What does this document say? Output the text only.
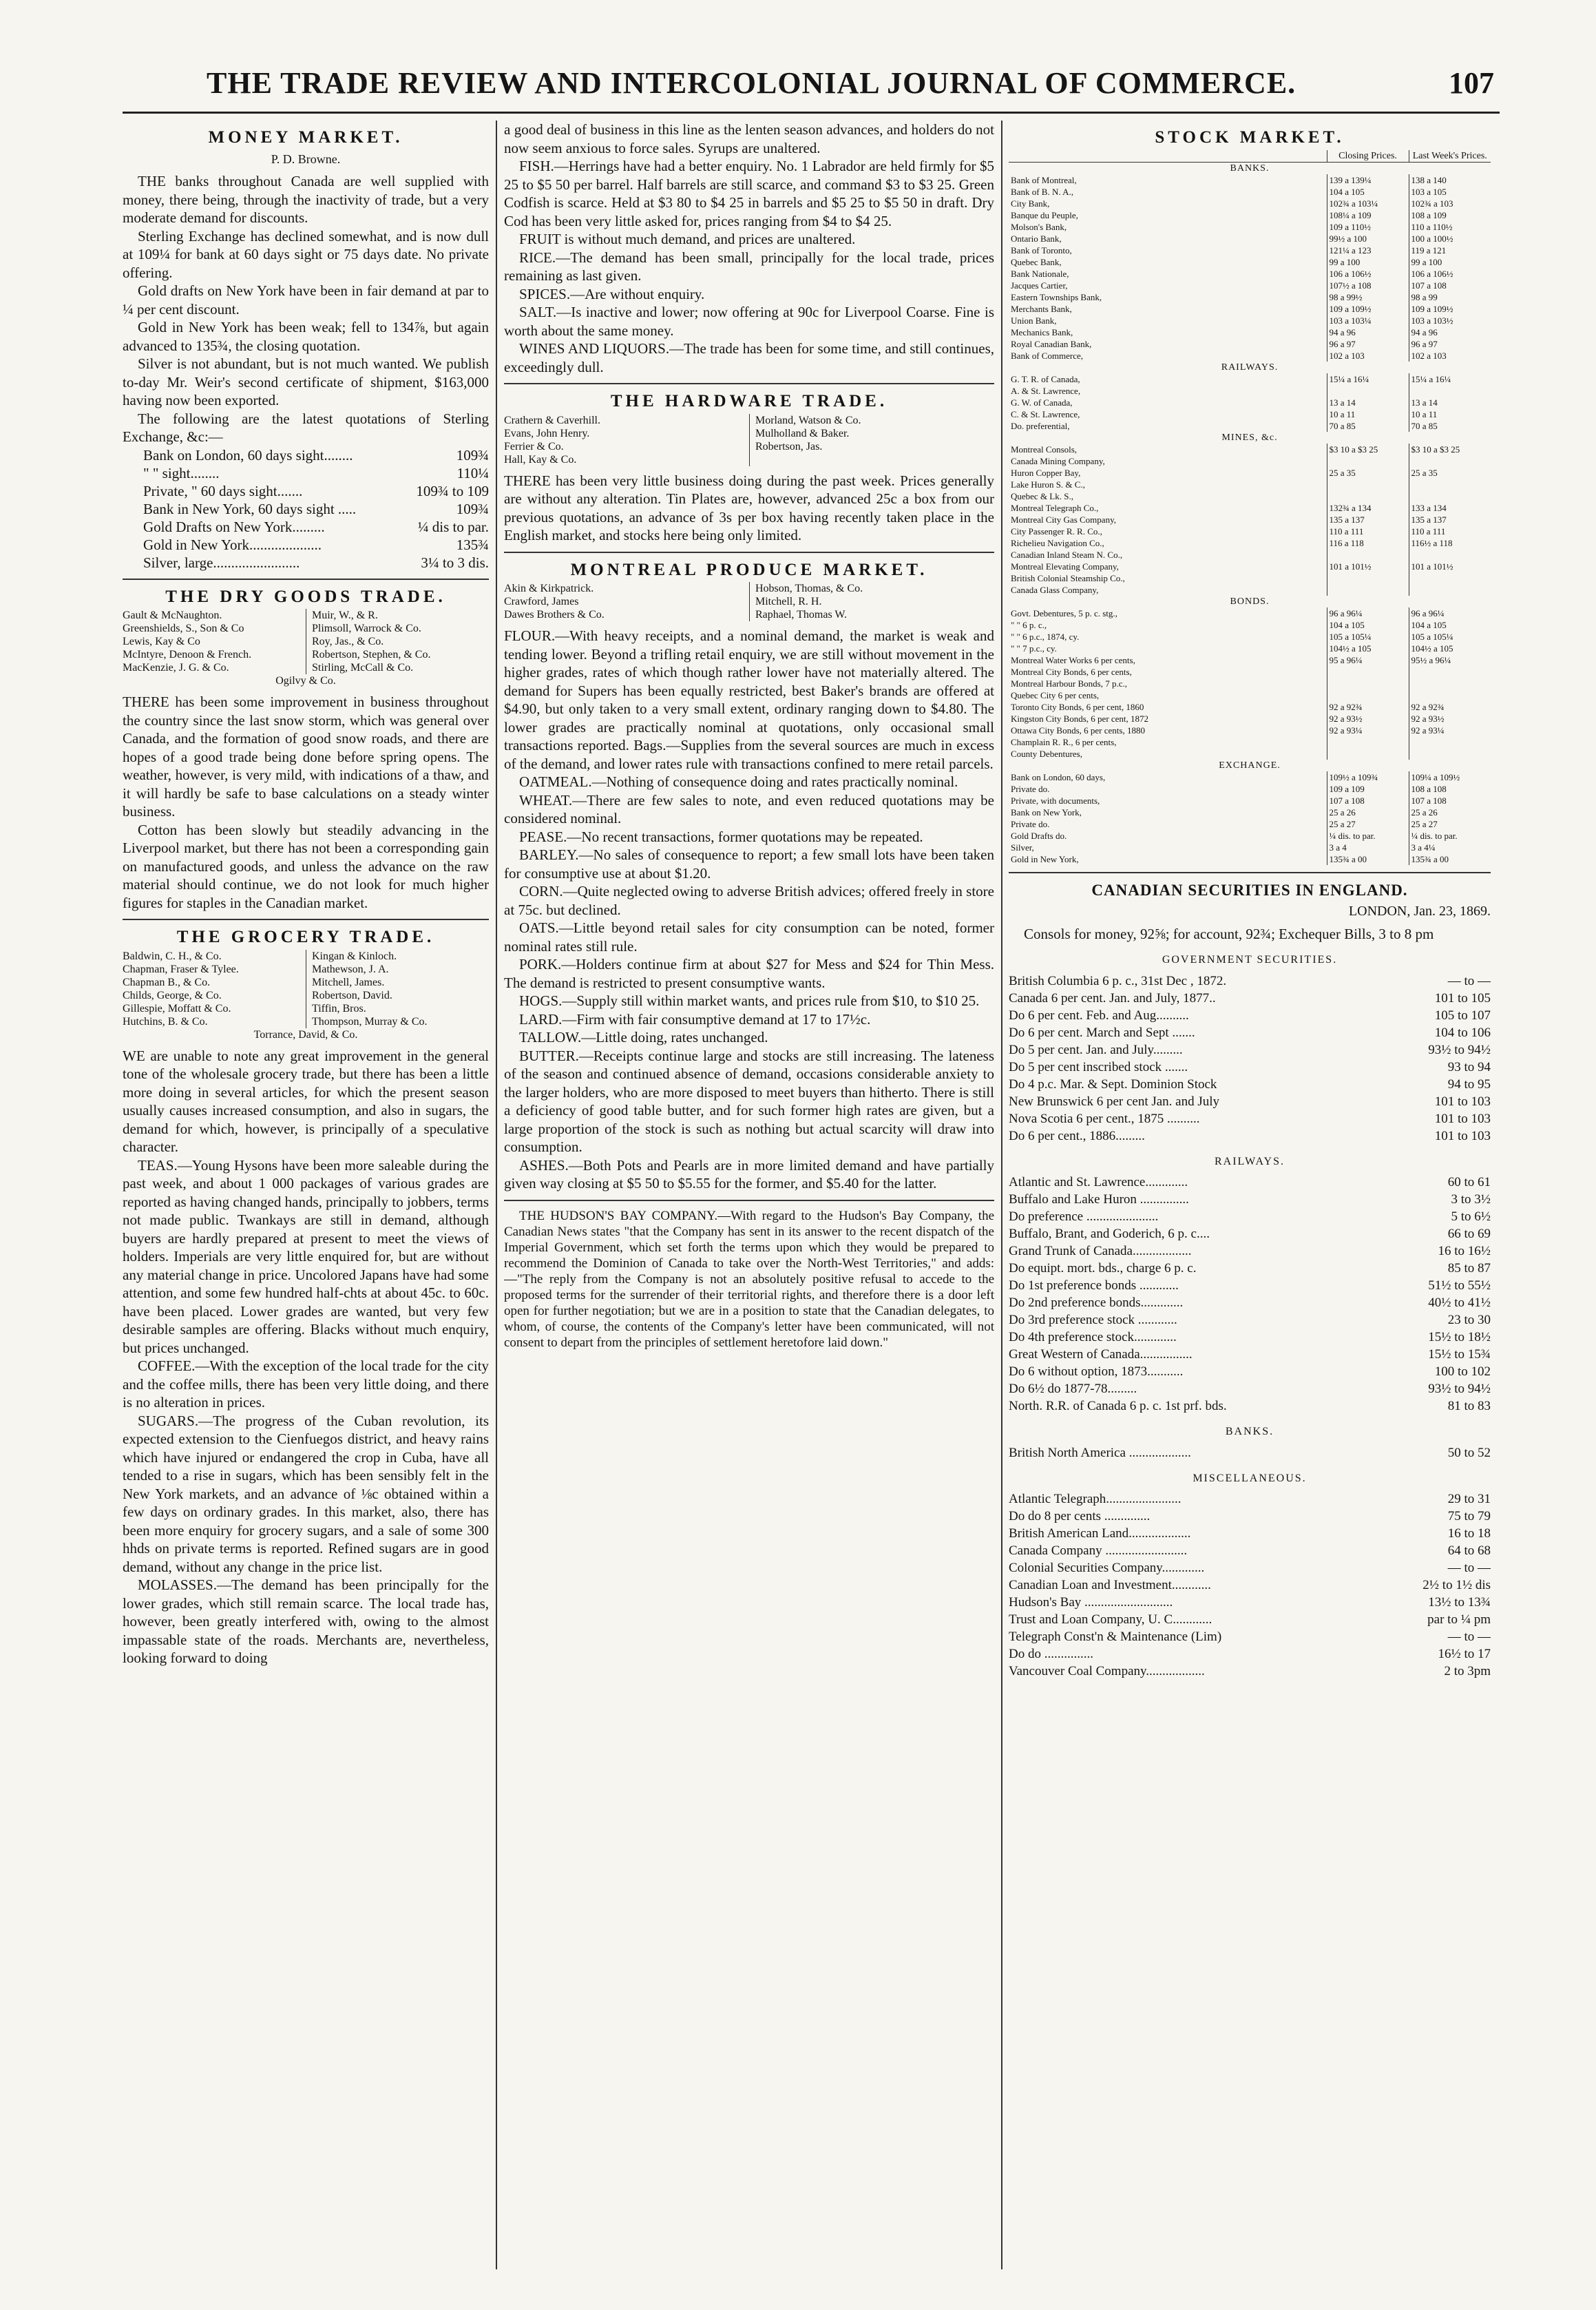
THE TRADE REVIEW AND INTERCOLONIAL JOURNAL OF COMMERCE.	107
MONEY MARKET.
P. D. Browne.

THE banks throughout Canada are well supplied with money, there being, through the inactivity of trade, but a very moderate demand for discounts.

Sterling Exchange has declined somewhat, and is now dull at 109¼ for bank at 60 days sight or 75 days date. No private offering.

Gold drafts on New York have been in fair demand at par to ¼ per cent discount.

Gold in New York has been weak; fell to 134⅞, but again advanced to 135¾, the closing quotation.

Silver is not abundant, but is not much wanted. We publish to-day Mr. Weir's second certificate of shipment, $163,000 having now been exported.

The following are the latest quotations of Sterling Exchange, &c:—

Bank on London, 60 days sight........	109¾
" " sight........	110¼
Private, " 60 days sight.......	109¾ to 109
Bank in New York, 60 days sight .....	109¾
Gold Drafts on New York.........	¼ dis to par.
Gold in New York....................	135¾
Silver, large........................	3¼ to 3 dis.
THE DRY GOODS TRADE.
Gault & McNaughton.	Muir, W., & R.
Greenshields, S., Son & Co	Plimsoll, Warrock & Co.
Lewis, Kay & Co	Roy, Jas., & Co.
McIntyre, Denoon & French.	Robertson, Stephen, & Co.
MacKenzie, J. G. & Co.	Stirling, McCall & Co.
Ogilvy & Co.

THERE has been some improvement in business throughout the country since the last snow storm, which was general over Canada, and the formation of good snow roads, and there are hopes of a good trade being done before spring opens. The weather, however, is very mild, with indications of a thaw, and it will hardly be safe to base calculations on a steady winter business.

Cotton has been slowly but steadily advancing in the Liverpool market, but there has not been a corresponding gain on manufactured goods, and unless the advance on the raw material should continue, we do not look for much higher figures for staples in the Canadian market.

THE GROCERY TRADE.
Baldwin, C. H., & Co.	Kingan & Kinloch.
Chapman, Fraser & Tylee.	Mathewson, J. A.
Chapman B., & Co.	Mitchell, James.
Childs, George, & Co.	Robertson, David.
Gillespie, Moffatt & Co.	Tiffin, Bros.
Hutchins, B. & Co.	Thompson, Murray & Co.
Torrance, David, & Co.

WE are unable to note any great improvement in the general tone of the wholesale grocery trade, but there has been a little more doing in several articles, for which the present season usually causes increased consumption, and also in sugars, the demand for which, however, is principally of a speculative character.

TEAS.—Young Hysons have been more saleable during the past week, and about 1 000 packages of various grades are reported as having changed hands, principally to jobbers, terms not made public. Twankays are still in demand, although buyers are hardly prepared at present to meet the views of holders. Imperials are very little enquired for, but are without any material change in price. Uncolored Japans have had some attention, and some few hundred half-chts at about 45c. to 60c. have been placed. Lower grades are wanted, but very few desirable samples are offering. Blacks without much enquiry, but prices unchanged.

COFFEE.—With the exception of the local trade for the city and the coffee mills, there has been very little doing, and there is no alteration in prices.

SUGARS.—The progress of the Cuban revolution, its expected extension to the Cienfuegos district, and heavy rains which have injured or endangered the crop in Cuba, have all tended to a rise in sugars, which has been sensibly felt in the New York markets, and an advance of ⅛c obtained within a few days on ordinary grades. In this market, also, there has been more enquiry for grocery sugars, and a sale of some 300 hhds on private terms is reported. Refined sugars are in good demand, without any change in the price list.

MOLASSES.—The demand has been principally for the lower grades, which still remain scarce. The local trade has, however, been greatly interfered with, owing to the almost impassable state of the roads. Merchants are, nevertheless, looking forward to doing

a good deal of business in this line as the lenten season advances, and holders do not now seem anxious to force sales. Syrups are unaltered.

FISH.—Herrings have had a better enquiry. No. 1 Labrador are held firmly for $5 25 to $5 50 per barrel. Half barrels are still scarce, and command $3 to $3 25. Green Codfish is scarce. Held at $3 80 to $4 25 in barrels and $5 25 to $5 50 in draft. Dry Cod has been very little asked for, prices ranging from $4 to $4 25.

FRUIT is without much demand, and prices are unaltered.

RICE.—The demand has been small, principally for the local trade, prices remaining as last given.

SPICES.—Are without enquiry.

SALT.—Is inactive and lower; now offering at 90c for Liverpool Coarse. Fine is worth about the same money.

WINES AND LIQUORS.—The trade has been for some time, and still continues, exceedingly dull.

THE HARDWARE TRADE.
Crathern & Caverhill.	Morland, Watson & Co.
Evans, John Henry.	Mulholland & Baker.
Ferrier & Co.	Robertson, Jas.
Hall, Kay & Co.

THERE has been very little business doing during the past week. Prices generally are without any alteration. Tin Plates are, however, advanced 25c a box from our previous quotations, an advance of 3s per box having recently taken place in the English market, and stocks here being only limited.

MONTREAL PRODUCE MARKET.
Akin & Kirkpatrick.	Hobson, Thomas, & Co.
Crawford, James	Mitchell, R. H.
Dawes Brothers & Co.	Raphael, Thomas W.

FLOUR.—With heavy receipts, and a nominal demand, the market is weak and tending lower. Beyond a trifling retail enquiry, we are still without movement in the higher grades, rates of which though rather lower have not materially altered. The demand for Supers has been equally restricted, best Baker's brands are offered at $4.90, but only taken to a very small extent, ordinary ranging down to $4.80. The lower grades are practically nominal at quotations, only occasional small transactions reported. Bags.—Supplies from the several sources are much in excess of the demand, and lower rates rule with transactions confined to mere retail parcels.

OATMEAL.—Nothing of consequence doing and rates practically nominal.

WHEAT.—There are few sales to note, and even reduced quotations may be considered nominal.

PEASE.—No recent transactions, former quotations may be repeated.

BARLEY.—No sales of consequence to report; a few small lots have been taken for consumptive use at about $1.20.

CORN.—Quite neglected owing to adverse British advices; offered freely in store at 75c. but declined.

OATS.—Little beyond retail sales for city consumption can be noted, former nominal rates still rule.

PORK.—Holders continue firm at about $27 for Mess and $24 for Thin Mess. The demand is restricted to present consumptive wants.

HOGS.—Supply still within market wants, and prices rule from $10, to $10 25.

LARD.—Firm with fair consumptive demand at 17 to 17½c.

TALLOW.—Little doing, rates unchanged.

BUTTER.—Receipts continue large and stocks are still increasing. The lateness of the season and continued absence of demand, occasions considerable anxiety to the larger holders, who are more disposed to meet buyers than hitherto. There is still a deficiency of good table butter, and for such former high rates are given, but a large proportion of the stock is such as nothing but actual scarcity will draw into consumption.

ASHES.—Both Pots and Pearls are in more limited demand and have partially given way closing at $5 50 to $5.55 for the former, and $5.40 for the latter.

THE HUDSON'S BAY COMPANY.—With regard to the Hudson's Bay Company, the Canadian News states "that the Company has sent in its answer to the recent dispatch of the Imperial Government, which set forth the terms upon which they would be prepared to recommend the Dominion of Canada to take over the North-West Territories," and adds:—"The reply from the Company is not an absolutely positive refusal to accede to the proposed terms for the surrender of their territorial rights, and therefore there is a door left open for further negotiation; but we are in a position to state that the Canadian delegates, to whom, of course, the contents of the Company's letter have been communicated, will not consent to depart from the principles of settlement heretofore laid down."

STOCK MARKET.
	Closing Prices.	Last Week's Prices.
BANKS.		
Bank of Montreal,	139 a 139¼	138 a 140
Bank of B. N. A.,	104 a 105	103 a 105
City Bank,	102¾ a 103¼	102¾ a 103
Banque du Peuple,	108¼ a 109	108 a 109
Molson's Bank,	109 a 110½	110 a 110½
Ontario Bank,	99½ a 100	100 a 100½
Bank of Toronto,	121¼ a 123	119 a 121
Quebec Bank,	99 a 100	99 a 100
Bank Nationale,	106 a 106½	106 a 106½
Jacques Cartier,	107½ a 108	107 a 108
Eastern Townships Bank,	98 a 99½	98 a 99
Merchants Bank,	109 a 109½	109 a 109½
Union Bank,	103 a 103¼	103 a 103½
Mechanics Bank,	94 a 96	94 a 96
Royal Canadian Bank,	96 a 97	96 a 97
Bank of Commerce,	102 a 103	102 a 103
RAILWAYS.		
G. T. R. of Canada,	15¼ a 16¼	15¼ a 16¼
A. & St. Lawrence,		
G. W. of Canada,	13 a 14	13 a 14
C. & St. Lawrence,	10 a 11	10 a 11
Do. preferential,	70 a 85	70 a 85
MINES, &c.		
Montreal Consols,	$3 10 a $3 25	$3 10 a $3 25
Canada Mining Company,		
Huron Copper Bay,	25 a 35	25 a 35
Lake Huron S. & C.,		
Quebec & Lk. S.,		
Montreal Telegraph Co.,	132¾ a 134	133 a 134
Montreal City Gas Company,	135 a 137	135 a 137
City Passenger R. R. Co.,	110 a 111	110 a 111
Richelieu Navigation Co.,	116 a 118	116½ a 118
Canadian Inland Steam N. Co.,		
Montreal Elevating Company,	101 a 101½	101 a 101½
British Colonial Steamship Co.,		
Canada Glass Company,		
BONDS.		
Govt. Debentures, 5 p. c. stg.,	96 a 96¼	96 a 96¼
" " 6 p. c.,	104 a 105	104 a 105
" " 6 p.c., 1874, cy.	105 a 105¼	105 a 105¼
" " 7 p.c., cy.	104½ a 105	104½ a 105
Montreal Water Works 6 per cents,	95 a 96¼	95½ a 96¼
Montreal City Bonds, 6 per cents,		
Montreal Harbour Bonds, 7 p.c.,		
Quebec City 6 per cents,		
Toronto City Bonds, 6 per cent, 1860	92 a 92¾	92 a 92¾
Kingston City Bonds, 6 per cent, 1872	92 a 93½	92 a 93½
Ottawa City Bonds, 6 per cents, 1880	92 a 93¼	92 a 93¼
Champlain R. R., 6 per cents,		
County Debentures,		
EXCHANGE.		
Bank on London, 60 days,	109½ a 109¾	109¼ a 109½
Private do.	109 a 109	108 a 108
Private, with documents,	107 a 108	107 a 108
Bank on New York,	25 a 26	25 a 26
Private do.	25 a 27	25 a 27
Gold Drafts do.	¼ dis. to par.	¼ dis. to par.
Silver,	3 a 4	3 a 4¼
Gold in New York,	135¾ a 00	135¾ a 00
CANADIAN SECURITIES IN ENGLAND.
LONDON, Jan. 23, 1869.

Consols for money, 92⅝; for account, 92¾; Exchequer Bills, 3 to 8 pm

GOVERNMENT SECURITIES.
British Columbia 6 p. c., 31st Dec , 1872.	— to —
Canada 6 per cent. Jan. and July, 1877..	101 to 105
Do 6 per cent. Feb. and Aug..........	105 to 107
Do 6 per cent. March and Sept .......	104 to 106
Do 5 per cent. Jan. and July.........	93½ to 94½
Do 5 per cent inscribed stock .......	93 to 94
Do 4 p.c. Mar. & Sept. Dominion Stock	94 to 95
New Brunswick 6 per cent Jan. and July	101 to 103
Nova Scotia 6 per cent., 1875 ..........	101 to 103
Do 6 per cent., 1886.........	101 to 103
RAILWAYS.
Atlantic and St. Lawrence.............	60 to 61
Buffalo and Lake Huron ...............	3 to 3½
Do preference ......................	5 to 6½
Buffalo, Brant, and Goderich, 6 p. c....	66 to 69
Grand Trunk of Canada..................	16 to 16½
Do equipt. mort. bds., charge 6 p. c.	85 to 87
Do 1st preference bonds ............	51½ to 55½
Do 2nd preference bonds.............	40½ to 41½
Do 3rd preference stock ............	23 to 30
Do 4th preference stock.............	15½ to 18½
Great Western of Canada................	15½ to 15¾
Do 6 without option, 1873...........	100 to 102
Do 6½ do 1877-78.........	93½ to 94½
North. R.R. of Canada 6 p. c. 1st prf. bds.	81 to 83
BANKS.
British North America ...................	50 to 52
MISCELLANEOUS.
Atlantic Telegraph.......................	29 to 31
Do do 8 per cents ..............	75 to 79
British American Land...................	16 to 18
Canada Company .........................	64 to 68
Colonial Securities Company.............	— to —
Canadian Loan and Investment............	2½ to 1½ dis
Hudson's Bay ...........................	13½ to 13¾
Trust and Loan Company, U. C............	par to ¼ pm
Telegraph Const'n & Maintenance (Lim)	— to —
Do do ...............	16½ to 17
Vancouver Coal Company..................	2 to 3pm
